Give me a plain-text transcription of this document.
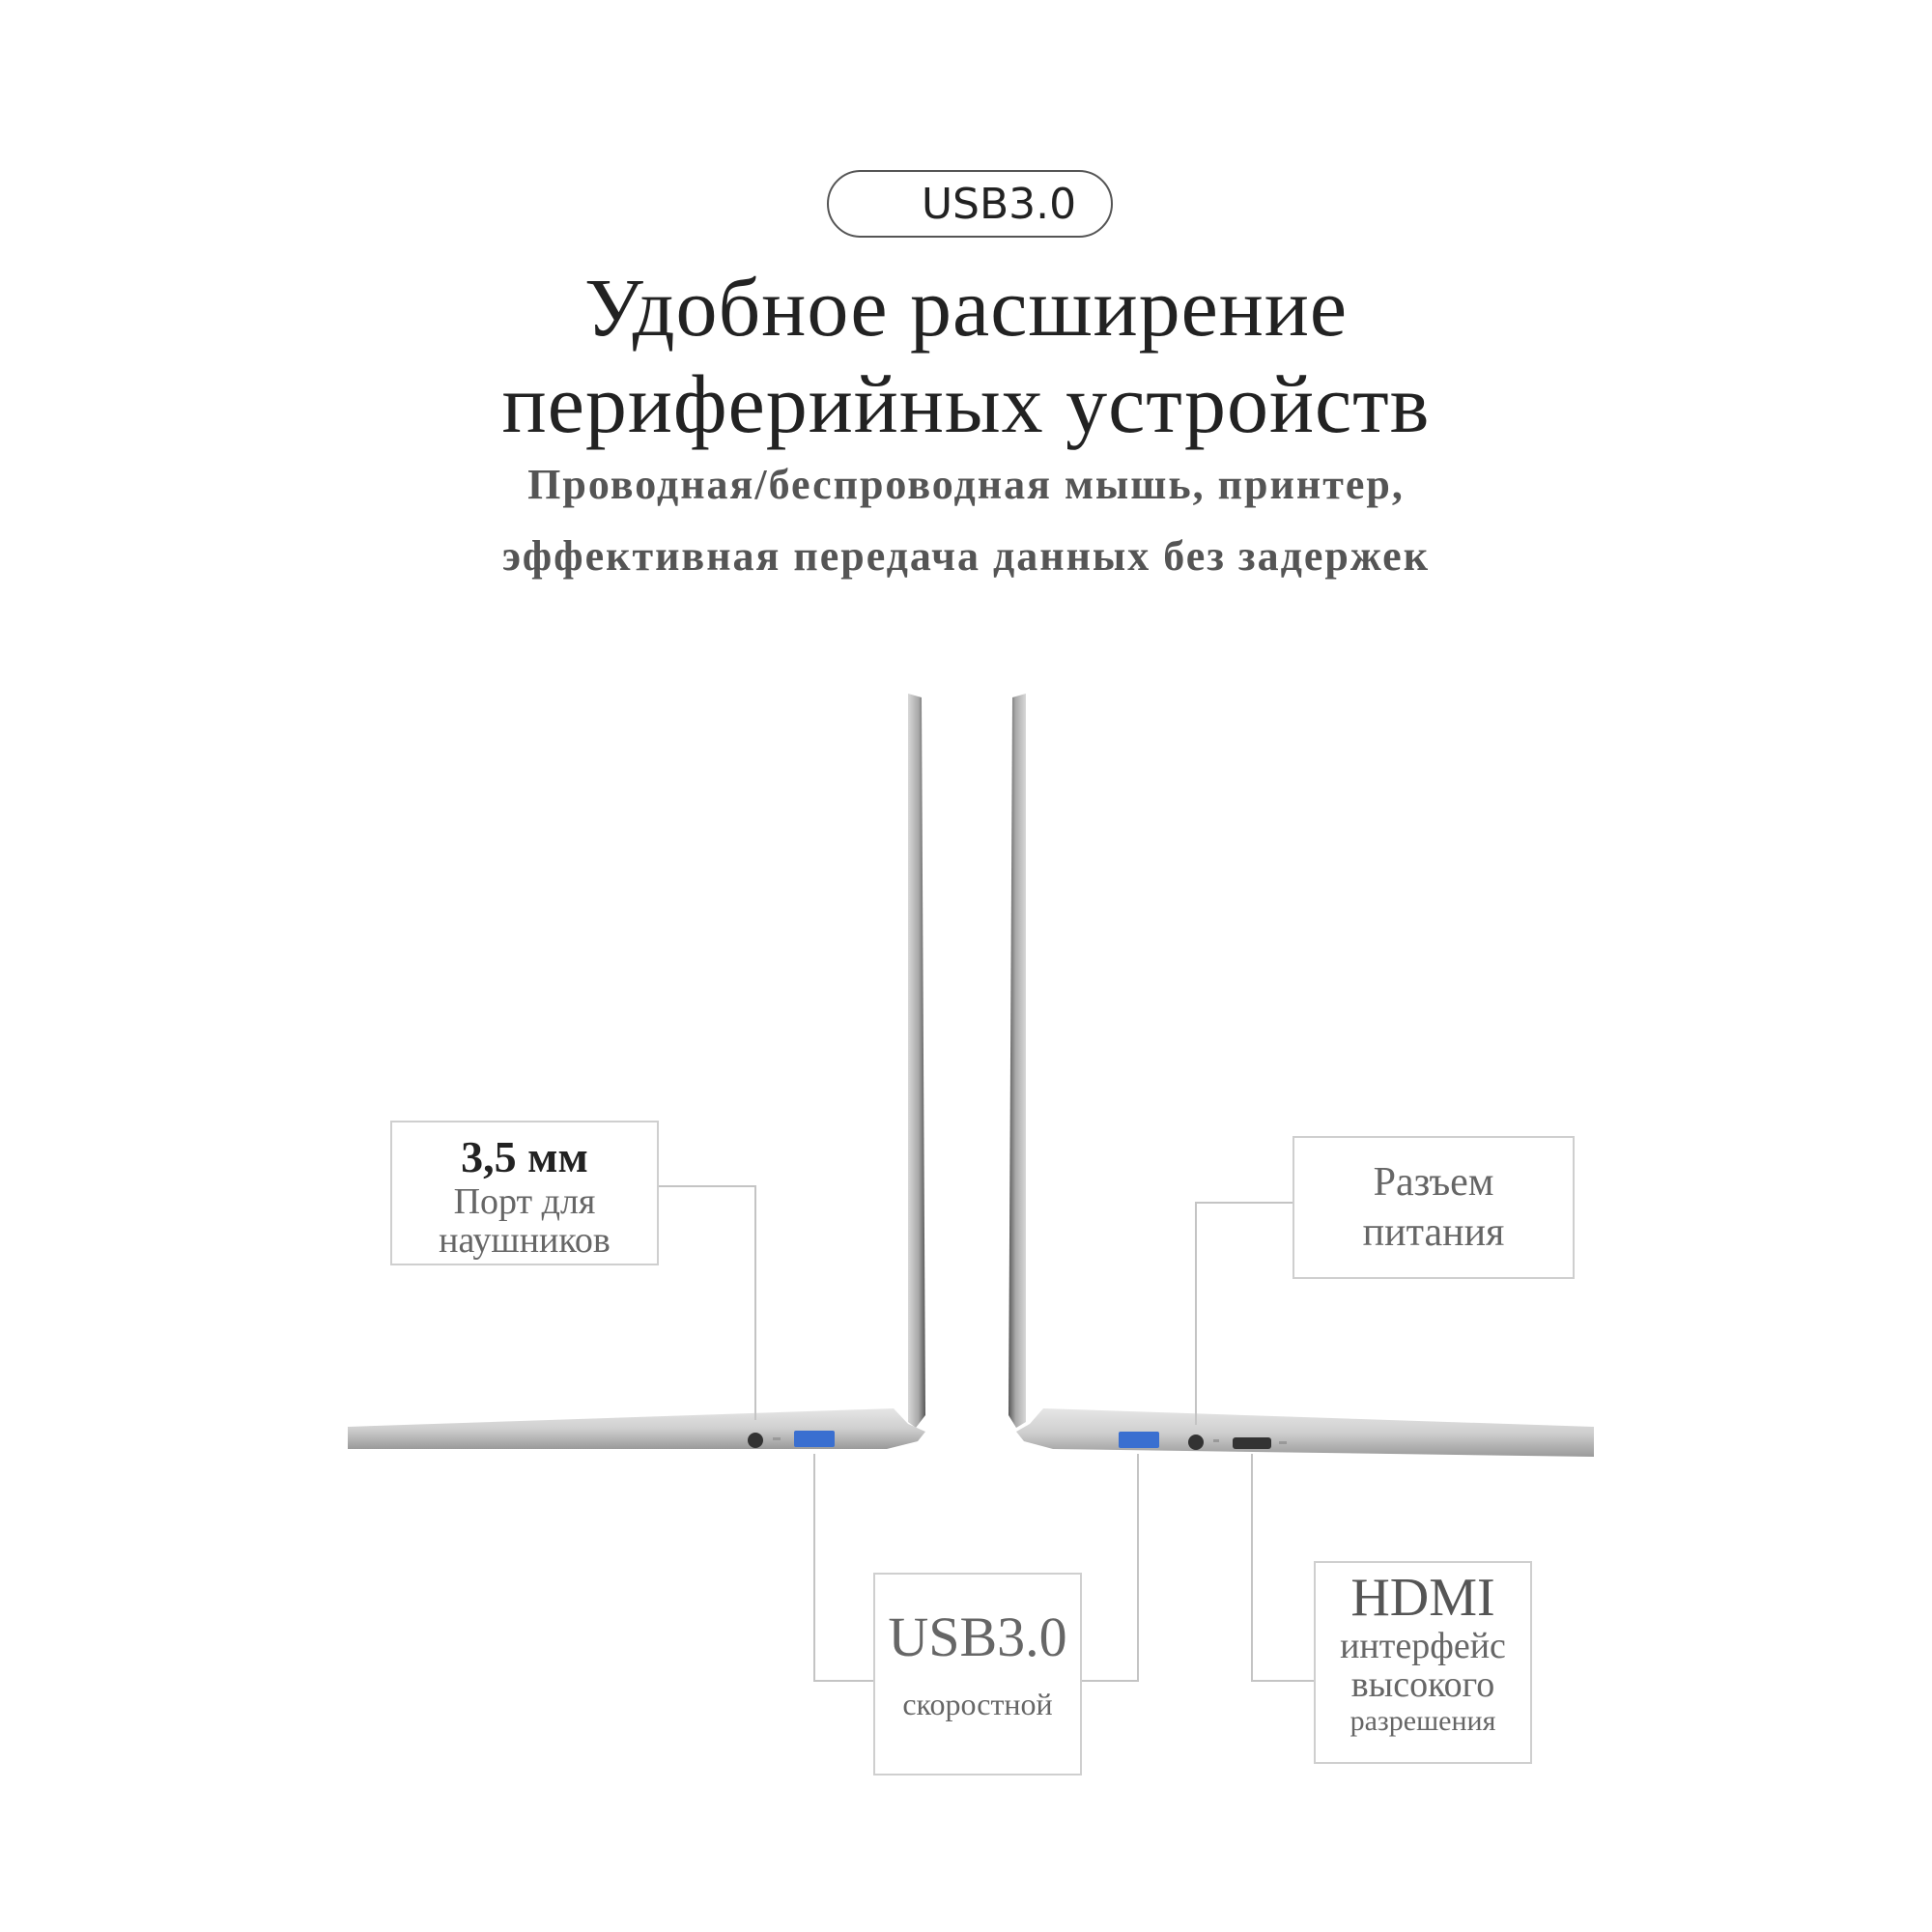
USB3.0
Удобное расширение
периферийных устройств

Проводная/беспроводная мышь, принтер,

эффективная передача данных без задержек

3,5 мм
Порт для
наушников
Разъем
питания
USB3.0
скоростной
HDMI
интерфейс
высокого
разрешения
